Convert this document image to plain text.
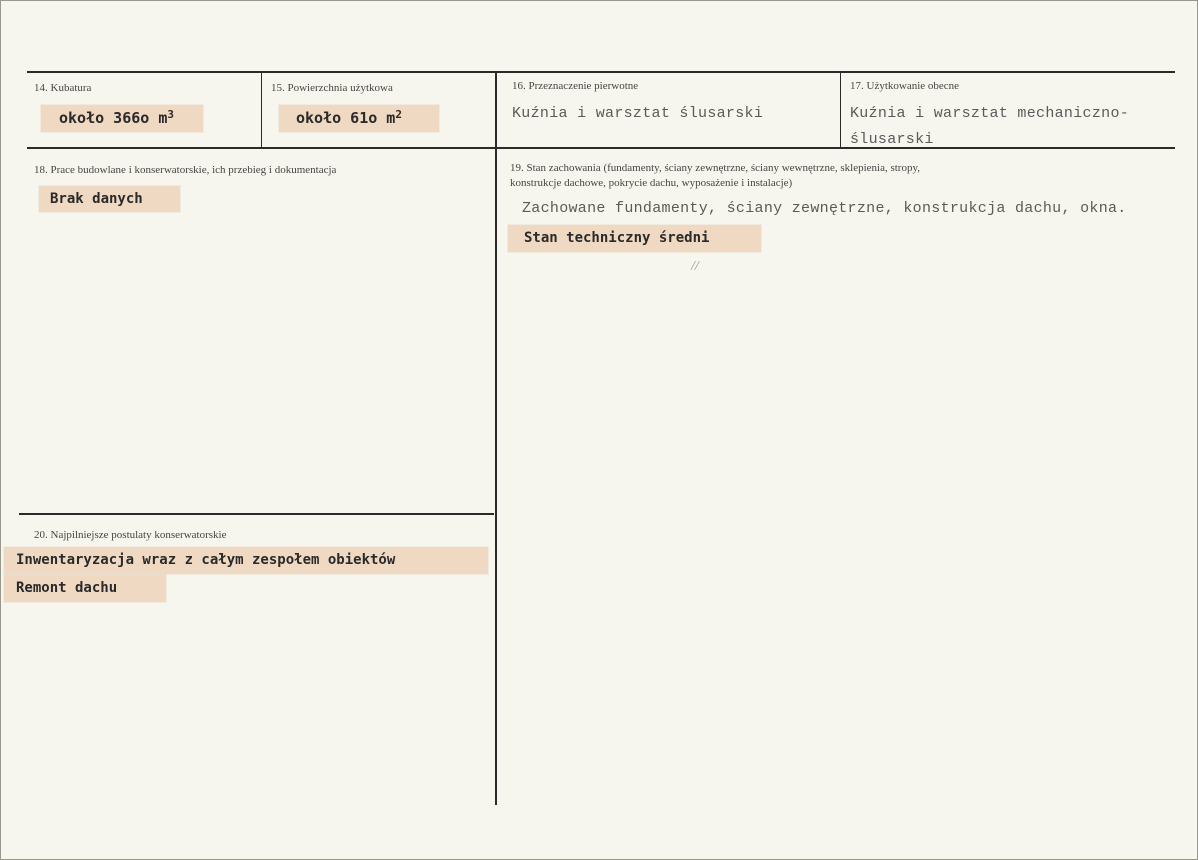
14. Kubatura
około 366o $m^3$
15. Powierzchnia użytkowa
około 61o $m^2$
16. Przeznaczenie pierwotne
Kuźnia i warsztat ślusarski
17. Użytkowanie obecne
Kuźnia i warsztat mechaniczno-
ślusarski
18. Prace budowlane i konserwatorskie, ich przebieg i dokumentacja
Brak danych
19. Stan zachowania (fundamenty, ściany zewnętrzne, ściany wewnętrzne, sklepienia, stropy,
konstrukcje dachowe, pokrycie dachu, wyposażenie i instalacje)
Zachowane fundamenty, ściany zewnętrzne, konstrukcja dachu, okna.
Stan techniczny średni
//
20. Najpilniejsze postulaty konserwatorskie
Inwentaryzacja wraz z całym zespołem obiektów
Remont dachu
